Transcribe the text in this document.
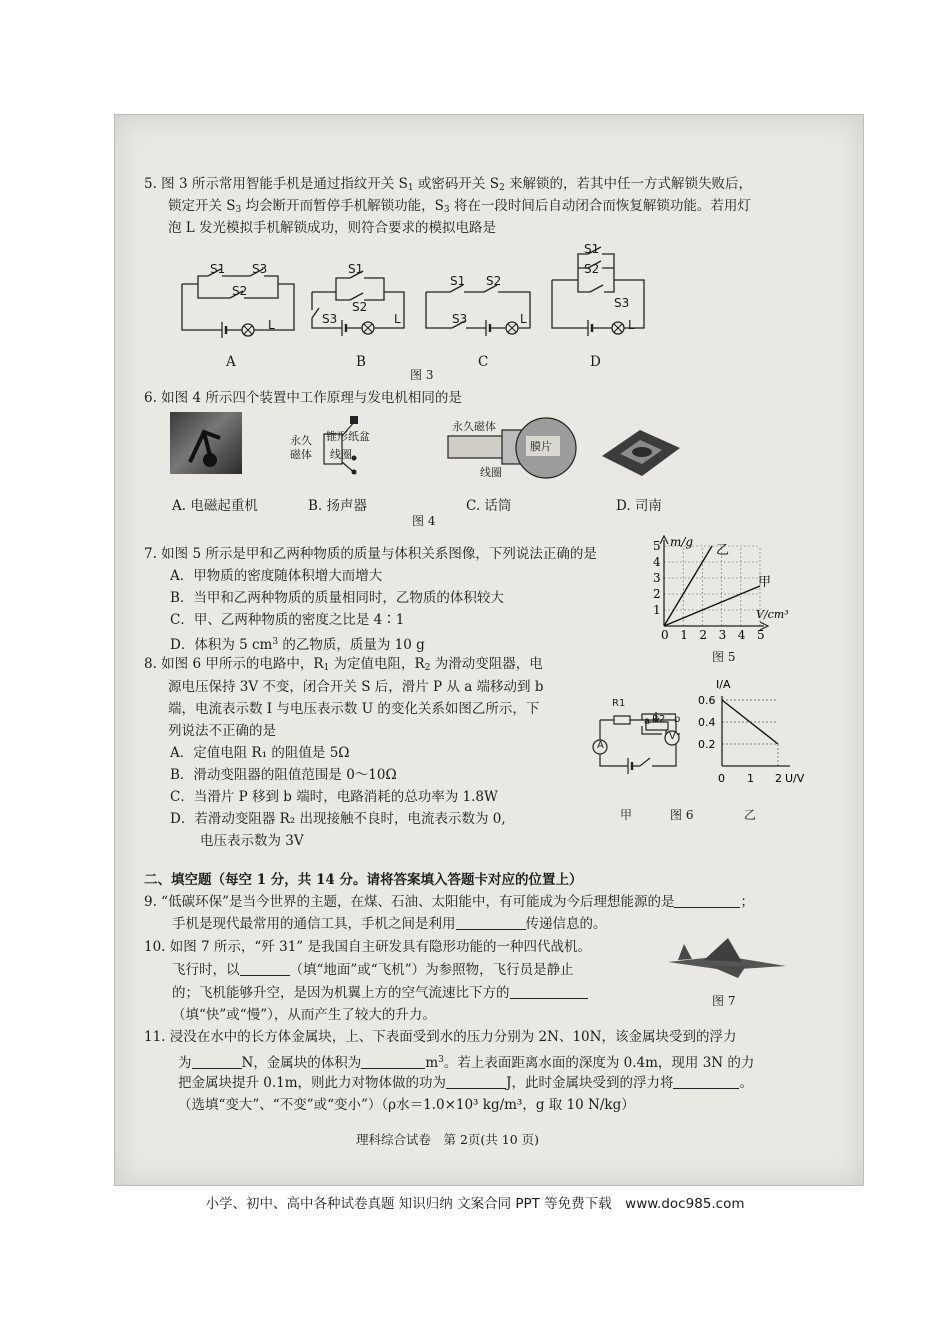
5. 图 3 所示常用智能手机是通过指纹开关 $S_1$ 或密码开关 $S_2$ 来解锁的，若其中任一方式解锁失败后，
锁定开关 $S_3$ 均会断开而暂停手机解锁功能，$S_3$ 将在一段时间后自动闭合而恢复解锁功能。若用灯
泡 L 发光模拟手机解锁成功，则符合要求的模拟电路是
S1 S3
S2
L
A
S1
S2
S3	L
B
S1 S2
S3	L
C
S1
S2
S3
L
D
图 3
6. 如图 4 所示四个装置中工作原理与发电机相同的是
永久
磁体
锥形纸盆
线圈
永久磁体
膜片
线圈
A. 电磁起重机	B. 扬声器	C. 话筒	D. 司南
图 4
7. 如图 5 所示是甲和乙两种物质的质量与体积关系图像，下列说法正确的是
A．甲物质的密度随体积增大而增大
B．当甲和乙两种物质的质量相同时，乙物质的体积较大
C．甲、乙两种物质的密度之比是 4∶1
D．体积为 5 $cm^3$ 的乙物质，质量为 10 g
0 1 2 3 4 5
1
2
3
4
5 m/g
V/cm³
乙
甲
图 5
8. 如图 6 甲所示的电路中，$R_1$ 为定值电阻，$R_2$ 为滑动变阻器，电
源电压保持 3V 不变，闭合开关 S 后，滑片 P 从 a 端移动到 b
端，电流表示数 I 与电压表示数 U 的变化关系如图乙所示，下
列说法不正确的是
A．定值电阻 R₁ 的阻值是 5Ω
B．滑动变阻器的阻值范围是 0～10Ω
C．当滑片 P 移到 b 端时，电路消耗的总功率为 1.8W
D．若滑动变阻器 R₂ 出现接触不良时，电流表示数为 0,
电压表示数为 3V
R1
R2
a b
A
V
0.2
0.4
0.6
1 2
I/A
U/V
0
甲	图 6	乙
二、填空题（每空 1 分，共 14 分。请将答案填入答题卡对应的位置上）
9. “低碳环保”是当今世界的主题，在煤、石油、太阳能中，有可能成为今后理想能源的是	；
手机是现代最常用的通信工具，手机之间是利用	传递信息的。
10. 如图 7 所示，“歼 31” 是我国自主研发具有隐形功能的一种四代战机。
飞行时，以	（填“地面”或“飞机”）为参照物，飞行员是静止
的；飞机能够升空，是因为机翼上方的空气流速比下方的
（填“快”或“慢”），从而产生了较大的升力。
图 7
11. 浸没在水中的长方体金属块，上、下表面受到水的压力分别为 2N、10N，该金属块受到的浮力
为	N，金属块的体积为	$m^3$。若上表面距离水面的深度为 0.4m，现用 3N 的力
把金属块提升 0.1m，则此力对物体做的功为	J，此时金属块受到的浮力将	。
（选填“变大”、“不变”或“变小”）（ρ水＝1.0×10³ kg/m³，g 取 10 N/kg）
理科综合试卷　第 2页(共 10 页)
小学、初中、高中各种试卷真题 知识归纳 文案合同 PPT 等免费下载　www.doc985.com
